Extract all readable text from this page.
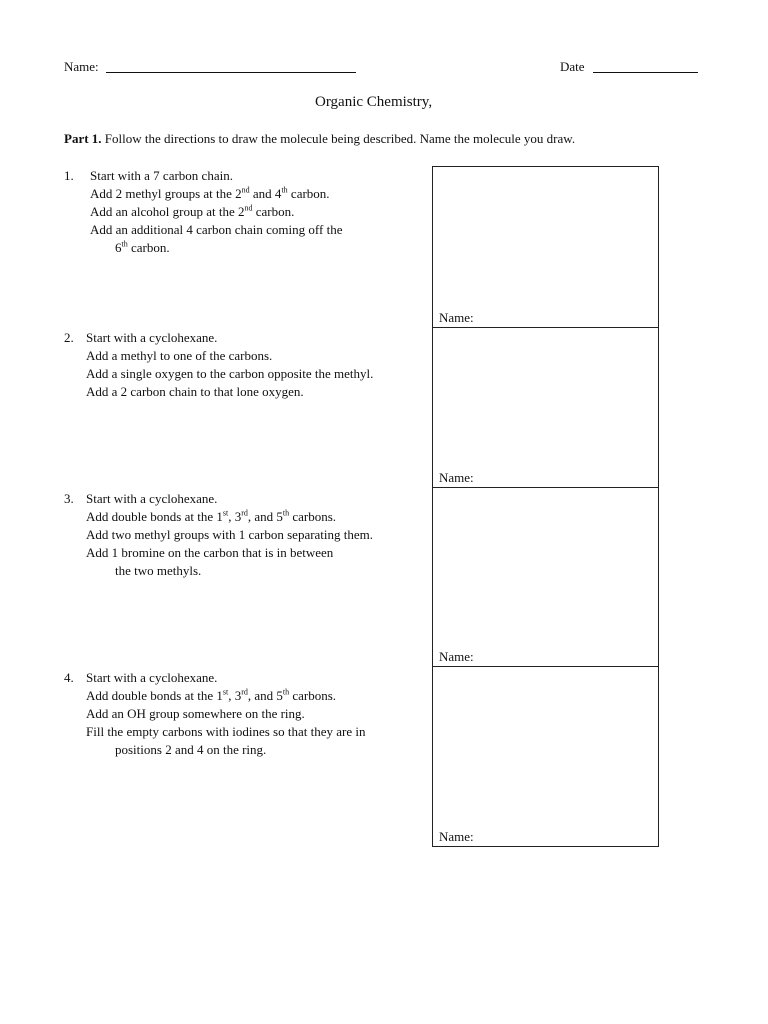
Name:	Date
Organic Chemistry,
Part 1. Follow the directions to draw the molecule being described. Name the molecule you draw.
1. Start with a 7 carbon chain.
Add 2 methyl groups at the 2nd and 4th carbon.
Add an alcohol group at the 2nd carbon.
Add an additional 4 carbon chain coming off the
6th carbon.
2. Start with a cyclohexane.
Add a methyl to one of the carbons.
Add a single oxygen to the carbon opposite the methyl.
Add a 2 carbon chain to that lone oxygen.
3. Start with a cyclohexane.
Add double bonds at the 1st, 3rd, and 5th carbons.
Add two methyl groups with 1 carbon separating them.
Add 1 bromine on the carbon that is in between
the two methyls.
4. Start with a cyclohexane.
Add double bonds at the 1st, 3rd, and 5th carbons.
Add an OH group somewhere on the ring.
Fill the empty carbons with iodines so that they are in
positions 2 and 4 on the ring.
Name:
Name:
Name:
Name:
